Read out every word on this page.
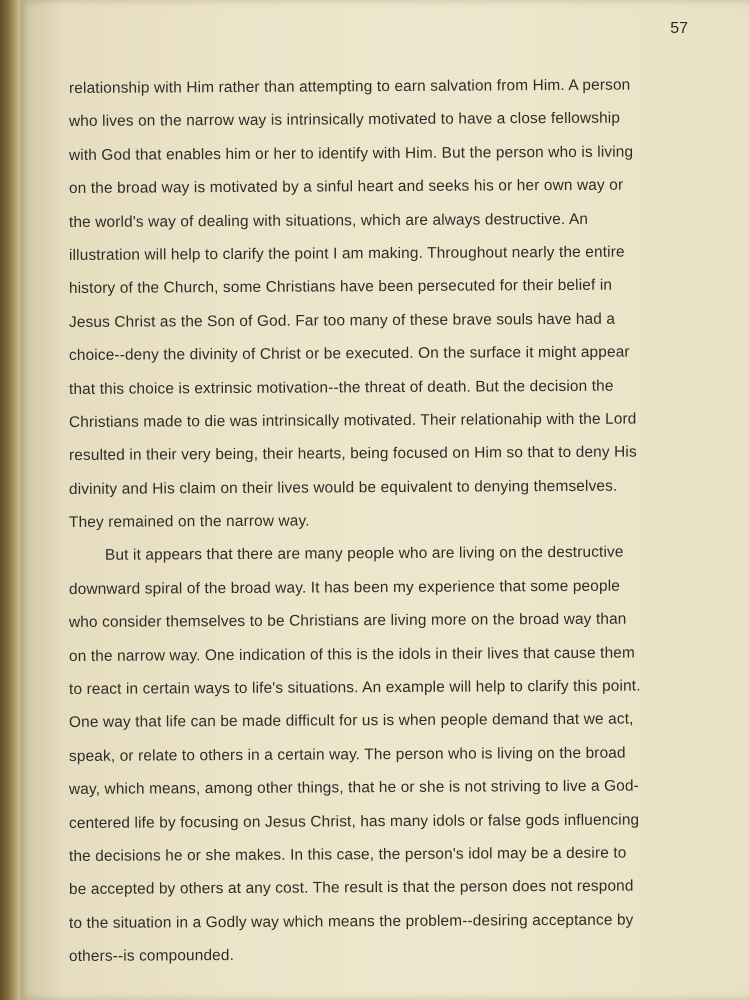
57

relationship with Him rather than attempting to earn salvation from Him. A person
who lives on the narrow way is intrinsically motivated to have a close fellowship
with God that enables him or her to identify with Him. But the person who is living
on the broad way is motivated by a sinful heart and seeks his or her own way or
the world's way of dealing with situations, which are always destructive. An
illustration will help to clarify the point I am making. Throughout nearly the entire
history of the Church, some Christians have been persecuted for their belief in
Jesus Christ as the Son of God. Far too many of these brave souls have had a
choice--deny the divinity of Christ or be executed. On the surface it might appear
that this choice is extrinsic motivation--the threat of death. But the decision the
Christians made to die was intrinsically motivated. Their relationahip with the Lord
resulted in their very being, their hearts, being focused on Him so that to deny His
divinity and His claim on their lives would be equivalent to denying themselves.
They remained on the narrow way.
But it appears that there are many people who are living on the destructive
downward spiral of the broad way. It has been my experience that some people
who consider themselves to be Christians are living more on the broad way than
on the narrow way. One indication of this is the idols in their lives that cause them
to react in certain ways to life's situations. An example will help to clarify this point.
One way that life can be made difficult for us is when people demand that we act,
speak, or relate to others in a certain way. The person who is living on the broad
way, which means, among other things, that he or she is not striving to live a God-
centered life by focusing on Jesus Christ, has many idols or false gods influencing
the decisions he or she makes. In this case, the person's idol may be a desire to
be accepted by others at any cost. The result is that the person does not respond
to the situation in a Godly way which means the problem--desiring acceptance by
others--is compounded.
